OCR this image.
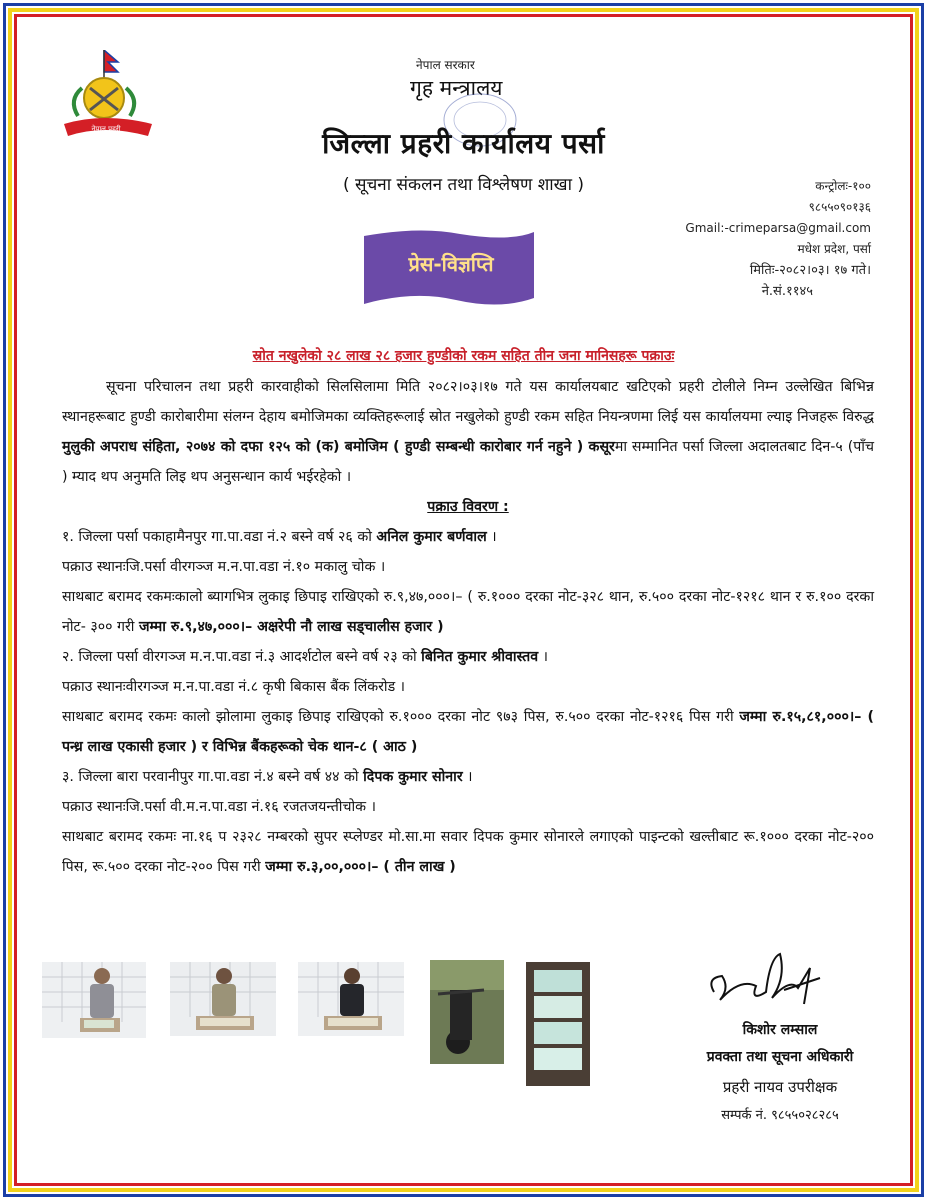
नेपाल प्रहरी
नेपाल सरकार
गृह मन्त्रालय
जिल्ला प्रहरी कार्यालय पर्सा
( सूचना संकलन तथा विश्लेषण शाखा )	कन्ट्रोलः-१००
९८५५०९०१३६
Gmail:-crimeparsa@gmail.com
मधेश प्रदेश, पर्सा
मितिः-२०८२।०३। १७ गते।
ने.सं.११४५
प्रेस-विज्ञप्ति
स्रोत नखुलेको २८ लाख २८ हजार हुण्डीको रकम सहित तीन जना मानिसहरू पक्राउः

सूचना परिचालन तथा प्रहरी कारवाहीको सिलसिलामा मिति २०८२।०३।१७ गते यस कार्यालयबाट खटिएको प्रहरी टोलीले निम्न उल्लेखित बिभिन्न स्थानहरूबाट हुण्डी कारोबारीमा संलग्न देहाय बमोजिमका व्यक्तिहरूलाई स्रोत नखुलेको हुण्डी रकम सहित नियन्त्रणमा लिई यस कार्यालयमा ल्याइ निजहरू विरुद्ध मुलुकी अपराध संहिता, २०७४ को दफा १२५ को (क) बमोजिम ( हुण्डी सम्बन्धी कारोबार गर्न नहुने ) कसूरमा सम्मानित पर्सा जिल्ला अदालतबाट दिन-५ (पाँच ) म्याद थप अनुमति लिइ थप अनुसन्धान कार्य भईरहेको ।

पक्राउ विवरण :

१. जिल्ला पर्सा पकाहामैनपुर गा.पा.वडा नं.२ बस्ने वर्ष २६ को अनिल कुमार बर्णवाल ।

पक्राउ स्थानःजि.पर्सा वीरगञ्ज म.न.पा.वडा नं.१० मकालु चोक ।

साथबाट बरामद रकमःकालो ब्यागभित्र लुकाइ छिपाइ राखिएको रु.९,४७,०००।– ( रु.१००० दरका नोट-३२८ थान, रु.५०० दरका नोट-१२१८ थान र रु.१०० दरका नोट- ३०० गरी जम्मा रु.९,४७,०००।– अक्षरेपी नौ लाख सड्चालीस हजार )

२. जिल्ला पर्सा वीरगञ्ज म.न.पा.वडा नं.३ आदर्शटोल बस्ने वर्ष २३ को बिनित कुमार श्रीवास्तव ।

पक्राउ स्थानःवीरगञ्ज म.न.पा.वडा नं.८ कृषी बिकास बैंक लिंकरोड ।

साथबाट बरामद रकमः कालो झोलामा लुकाइ छिपाइ राखिएको रु.१००० दरका नोट ९७३ पिस, रु.५०० दरका नोट-१२१६ पिस गरी जम्मा रु.१५,८१,०००।– ( पन्ध्र लाख एकासी हजार ) र विभिन्न बैंकहरूको चेक थान-८ ( आठ )

३. जिल्ला बारा परवानीपुर गा.पा.वडा नं.४ बस्ने वर्ष ४४ को दिपक कुमार सोनार ।

पक्राउ स्थानःजि.पर्सा वी.म.न.पा.वडा नं.१६ रजतजयन्तीचोक ।

साथबाट बरामद रकमः ना.१६ प २३२८ नम्बरको सुपर स्प्लेण्डर मो.सा.मा सवार दिपक कुमार सोनारले लगाएको पाइन्टको खल्तीबाट रू.१००० दरका नोट-२०० पिस, रू.५०० दरका नोट-२०० पिस गरी जम्मा रु.३,००,०००।– ( तीन लाख )

किशोर लम्साल
प्रवक्ता तथा सूचना अधिकारी
प्रहरी नायव उपरीक्षक
सम्पर्क नं. ९८५५०२८२८५
